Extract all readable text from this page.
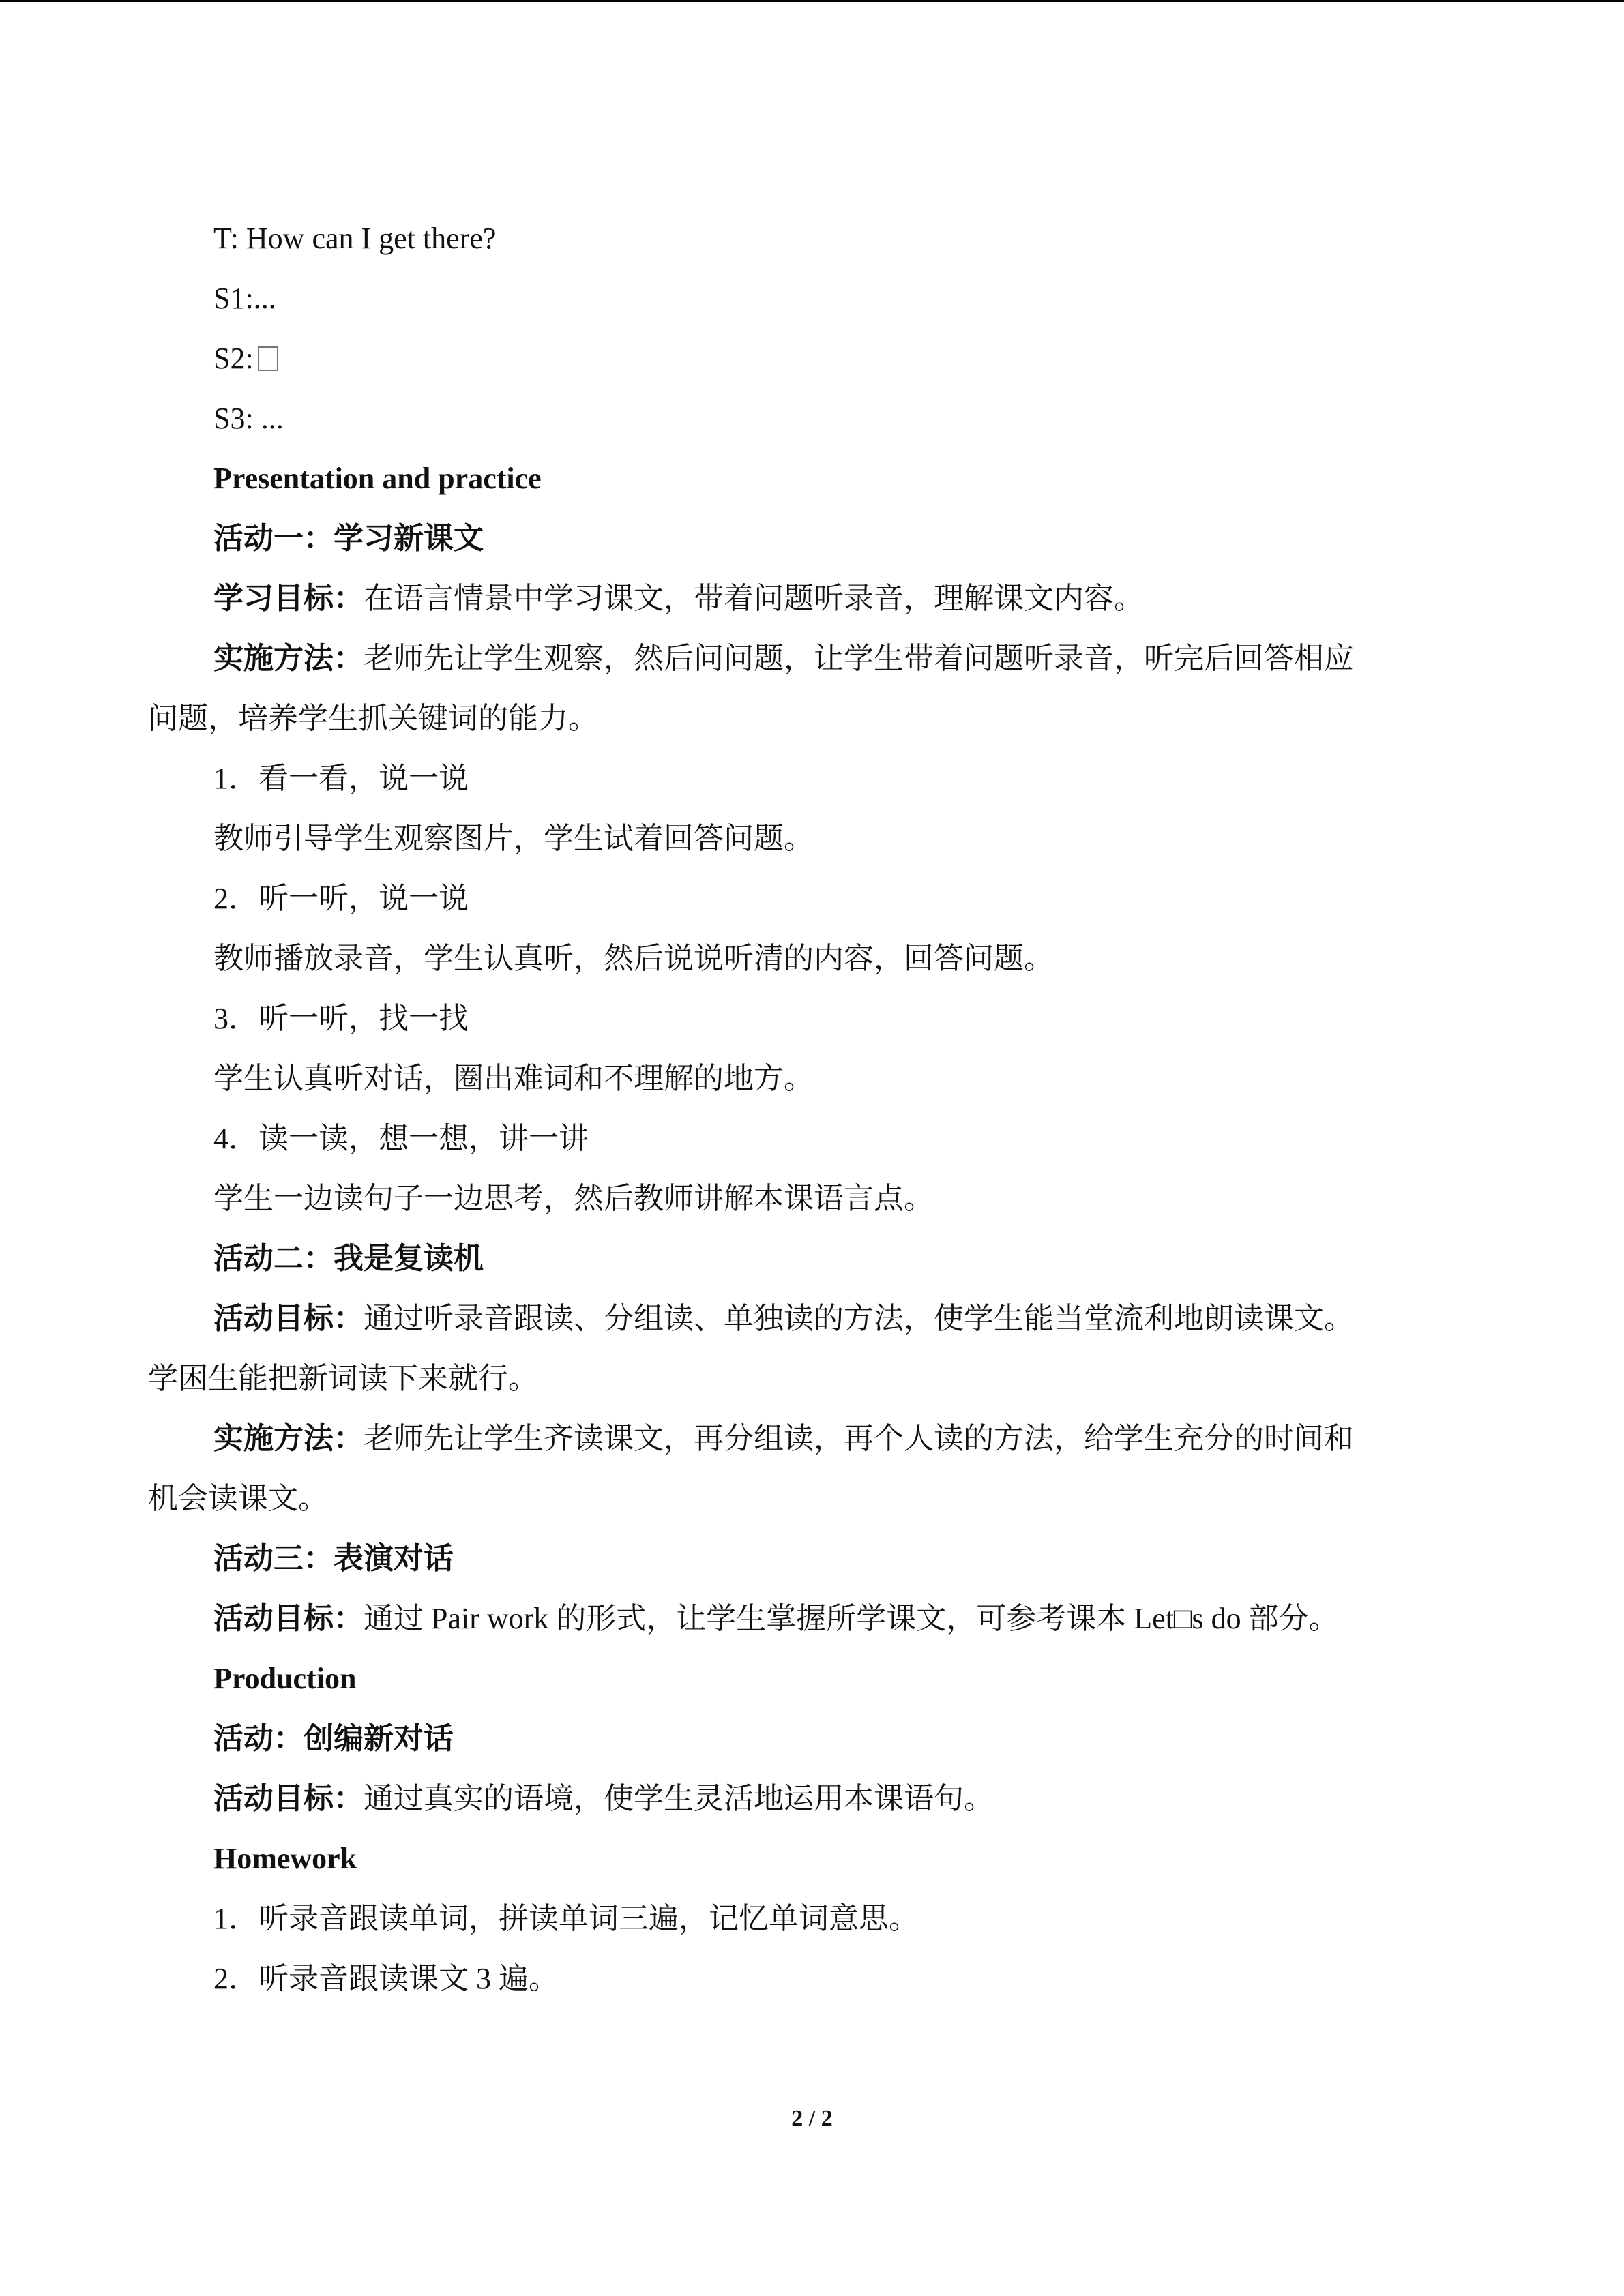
T: How can I get there?
S1:...
S2:
S3: ...
Presentation and practice
活动一：学习新课文
学习目标：在语言情景中学习课文，带着问题听录音，理解课文内容。
实施方法：老师先让学生观察，然后问问题，让学生带着问题听录音，听完后回答相应
问题，培养学生抓关键词的能力。
1．看一看，说一说
教师引导学生观察图片，学生试着回答问题。
2．听一听，说一说
教师播放录音，学生认真听，然后说说听清的内容，回答问题。
3．听一听，找一找
学生认真听对话，圈出难词和不理解的地方。
4．读一读，想一想，讲一讲
学生一边读句子一边思考，然后教师讲解本课语言点。
活动二：我是复读机
活动目标：通过听录音跟读、分组读、单独读的方法，使学生能当堂流利地朗读课文。
学困生能把新词读下来就行。
实施方法：老师先让学生齐读课文，再分组读，再个人读的方法，给学生充分的时间和
机会读课文。
活动三：表演对话
活动目标：通过 Pair work 的形式，让学生掌握所学课文，可参考课本 Let□s do 部分。
Production
活动：创编新对话
活动目标：通过真实的语境，使学生灵活地运用本课语句。
Homework
1．听录音跟读单词，拼读单词三遍，记忆单词意思。
2．听录音跟读课文 3 遍。
2 / 2
